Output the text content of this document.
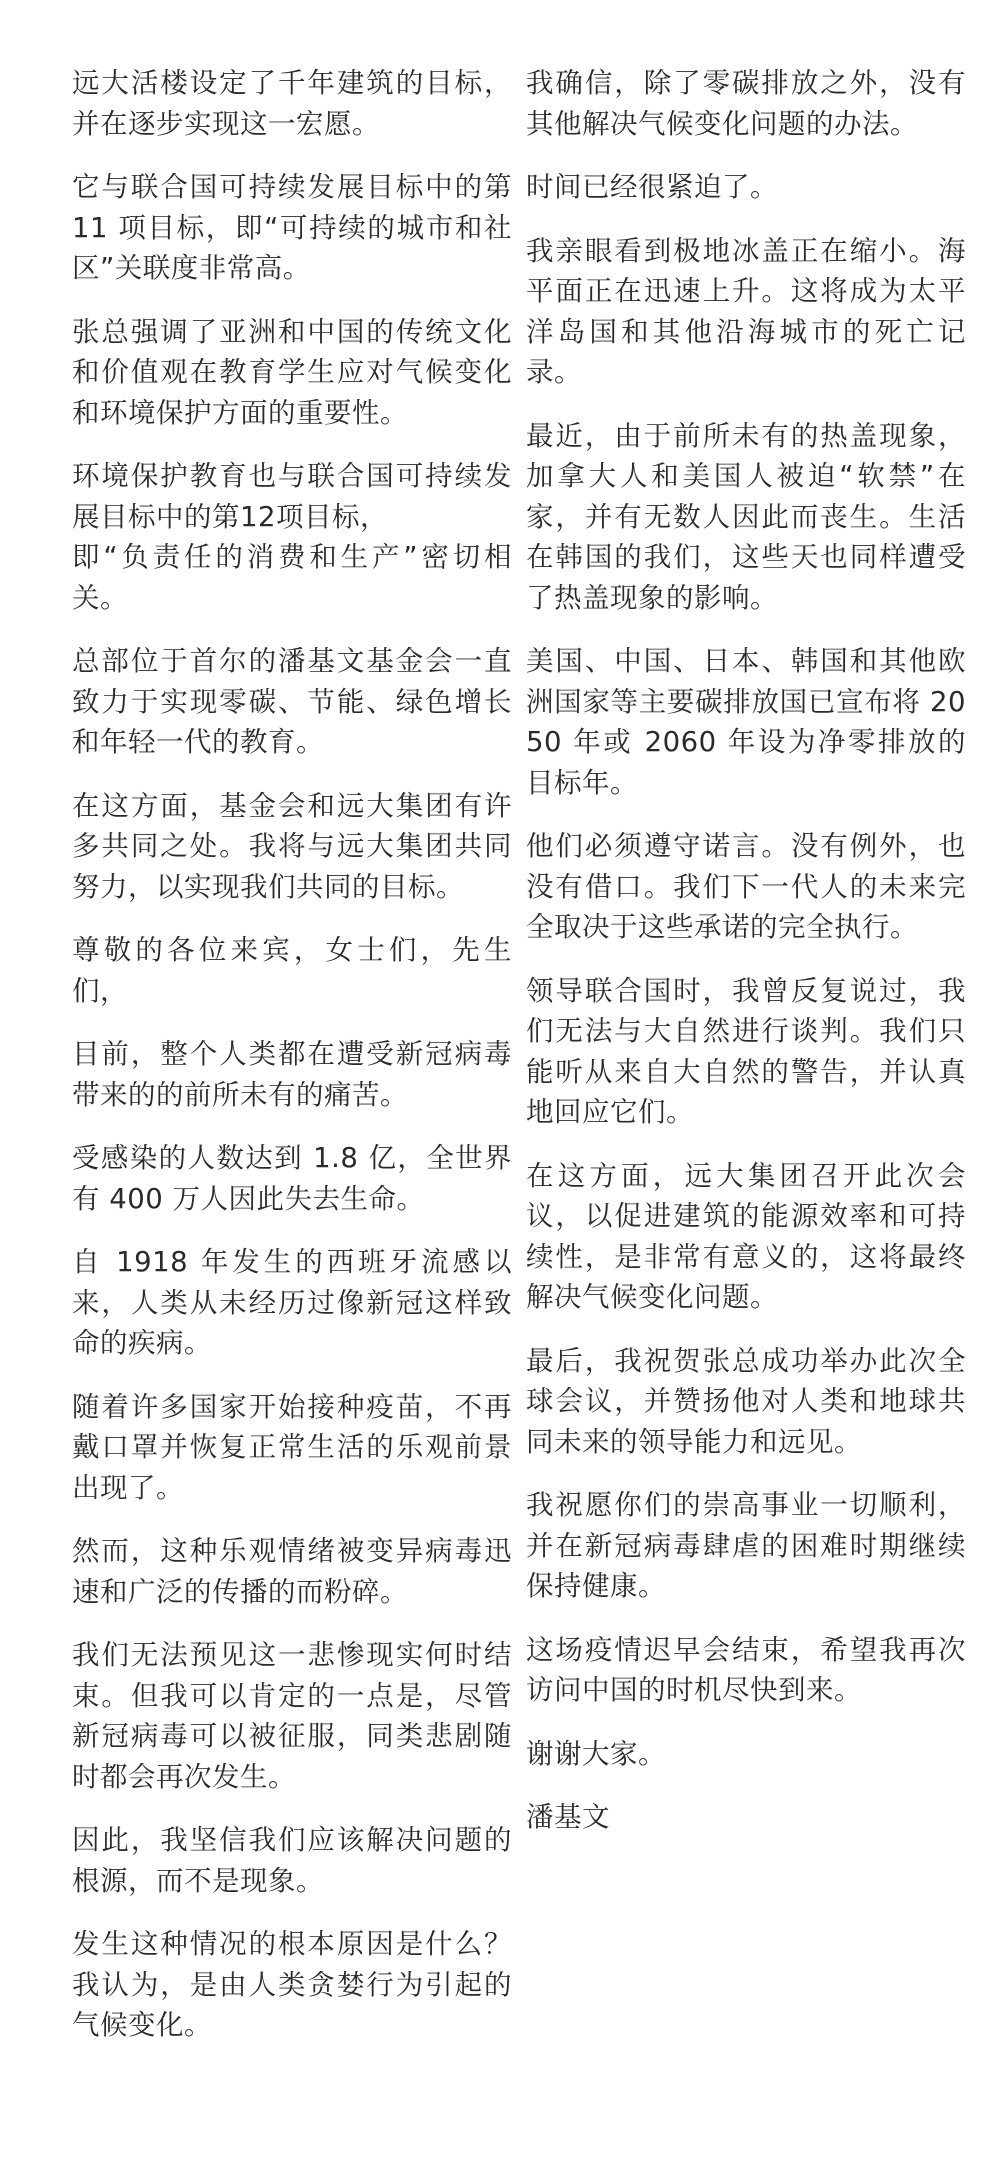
远大活楼设定了千年建筑的目标，并在逐步实现这一宏愿。

它与联合国可持续发展目标中的第 11 项目标，即“可持续的城市和社区”关联度非常高。

张总强调了亚洲和中国的传统文化和价值观在教育学生应对气候变化和环境保护方面的重要性。

环境保护教育也与联合国可持续发展目标中的第12项目标，
即“负责任的消费和生产”密切相关。

总部位于首尔的潘基文基金会一直致力于实现零碳、节能、绿色增长和年轻一代的教育。

在这方面，基金会和远大集团有许多共同之处。我将与远大集团共同努力，以实现我们共同的目标。

尊敬的各位来宾，女士们，先生们，

目前，整个人类都在遭受新冠病毒带来的的前所未有的痛苦。

受感染的人数达到 1.8 亿，全世界有 400 万人因此失去生命。

自 1918 年发生的西班牙流感以来，人类从未经历过像新冠这样致命的疾病。

随着许多国家开始接种疫苗，不再戴口罩并恢复正常生活的乐观前景出现了。

然而，这种乐观情绪被变异病毒迅速和广泛的传播的而粉碎。

我们无法预见这一悲惨现实何时结束。但我可以肯定的一点是，尽管新冠病毒可以被征服，同类悲剧随时都会再次发生。

因此，我坚信我们应该解决问题的根源，而不是现象。

发生这种情况的根本原因是什么？我认为，是由人类贪婪行为引起的气候变化。

我确信，除了零碳排放之外，没有其他解决气候变化问题的办法。

时间已经很紧迫了。

我亲眼看到极地冰盖正在缩小。海平面正在迅速上升。这将成为太平洋岛国和其他沿海城市的死亡记录。

最近，由于前所未有的热盖现象，加拿大人和美国人被迫“软禁”在家，并有无数人因此而丧生。生活在韩国的我们，这些天也同样遭受了热盖现象的影响。

美国、中国、日本、韩国和其他欧洲国家等主要碳排放国已宣布将 2050 年或 2060 年设为净零排放的目标年。

他们必须遵守诺言。没有例外，也没有借口。我们下一代人的未来完全取决于这些承诺的完全执行。

领导联合国时，我曾反复说过，我们无法与大自然进行谈判。我们只能听从来自大自然的警告，并认真地回应它们。

在这方面，远大集团召开此次会议，以促进建筑的能源效率和可持续性，是非常有意义的，这将最终解决气候变化问题。

最后，我祝贺张总成功举办此次全球会议，并赞扬他对人类和地球共同未来的领导能力和远见。

我祝愿你们的崇高事业一切顺利，并在新冠病毒肆虐的困难时期继续保持健康。

这场疫情迟早会结束，希望我再次访问中国的时机尽快到来。

谢谢大家。

潘基文
